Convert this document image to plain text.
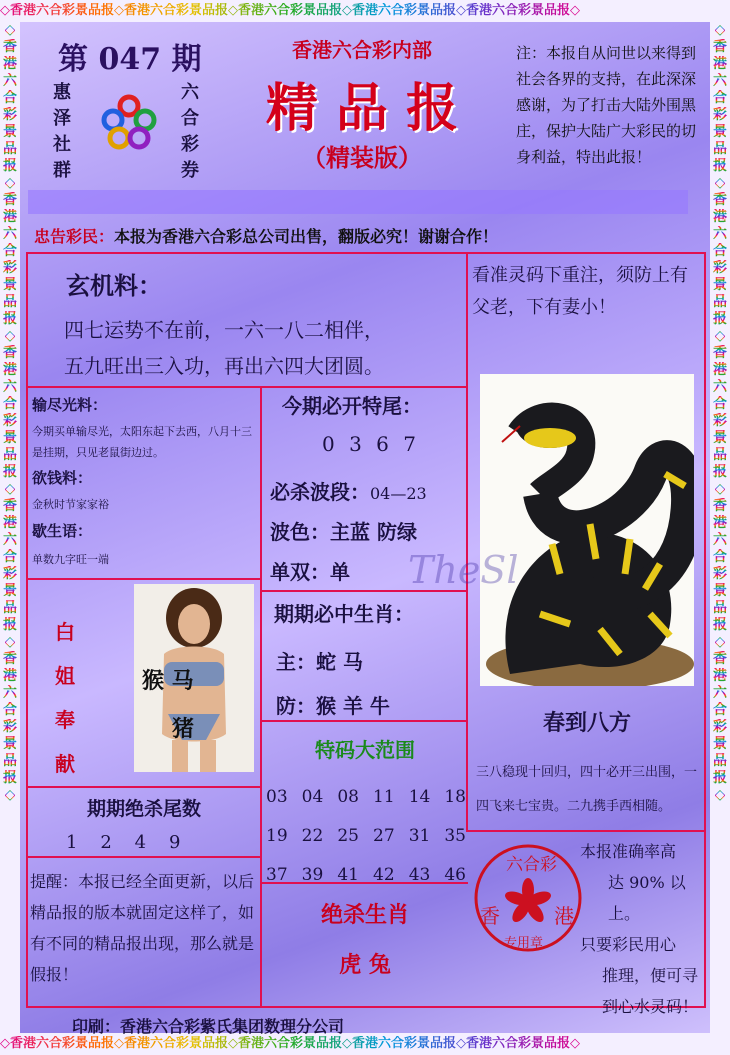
◇香港六合彩景品报◇香港六合彩景品报◇香港六合彩景品报◇香港六合彩景品报◇香港六合彩景品报◇
◇香港六合彩景品报◇香港六合彩景品报◇香港六合彩景品报◇香港六合彩景品报◇香港六合彩景品报◇
◇香港六合彩景品报◇香港六合彩景品报◇香港六合彩景品报◇香港六合彩景品报◇香港六合彩景品报◇
◇香港六合彩景品报◇香港六合彩景品报◇香港六合彩景品报◇香港六合彩景品报◇香港六合彩景品报◇
第 047 期
惠
泽
社
群
六
合
彩
券
香港六合彩内部
精 品 报
（精装版）
注：本报自从问世以来得到社会各界的支持，在此深深感谢，为了打击大陆外围黑庄，保护大陆广大彩民的切身利益，特出此报！
忠告彩民：本报为香港六合彩总公司出售，翻版必究！谢谢合作！
玄机料：
四七运势不在前，一六一八二相伴，
五九旺出三入功，再出六四大团圆。
看准灵码下重注，须防上有父老，下有妻小！
输尽光料：
今期买单输尽光，太阳东起下去西，八月十三是挂期，只见老鼠街边过。
欲钱料：
金秋时节家家裕
歇生语：
单数九字旺一端
今期必开特尾：
0 3 6 7
必杀波段：04—23
波色：主蓝 防绿
单双：单
期期必中生肖：
主：蛇 马
防：猴 羊 牛
特码大范围
03 04 08 11 14 18
19 22 25 27 31 35
37 39 41 42 43 46
绝杀生肖
虎 兔
TheSl
白
姐
奉
献
猴 马
猪
期期绝杀尾数
1    2    4    9
提醒：本报已经全面更新，以后精品报的版本就固定这样了，如有不同的精品报出现，那么就是假报！
春到八方
三八稳现十回归，四十必开三出围，一四飞来七宝贵。二九携手西相随。
六合彩
香	港
专用章
本报准确率高
达 90% 以上。
只要彩民用心
推理，便可寻
到心水灵码！
印刷：香港六合彩紫氏集团数理分公司
